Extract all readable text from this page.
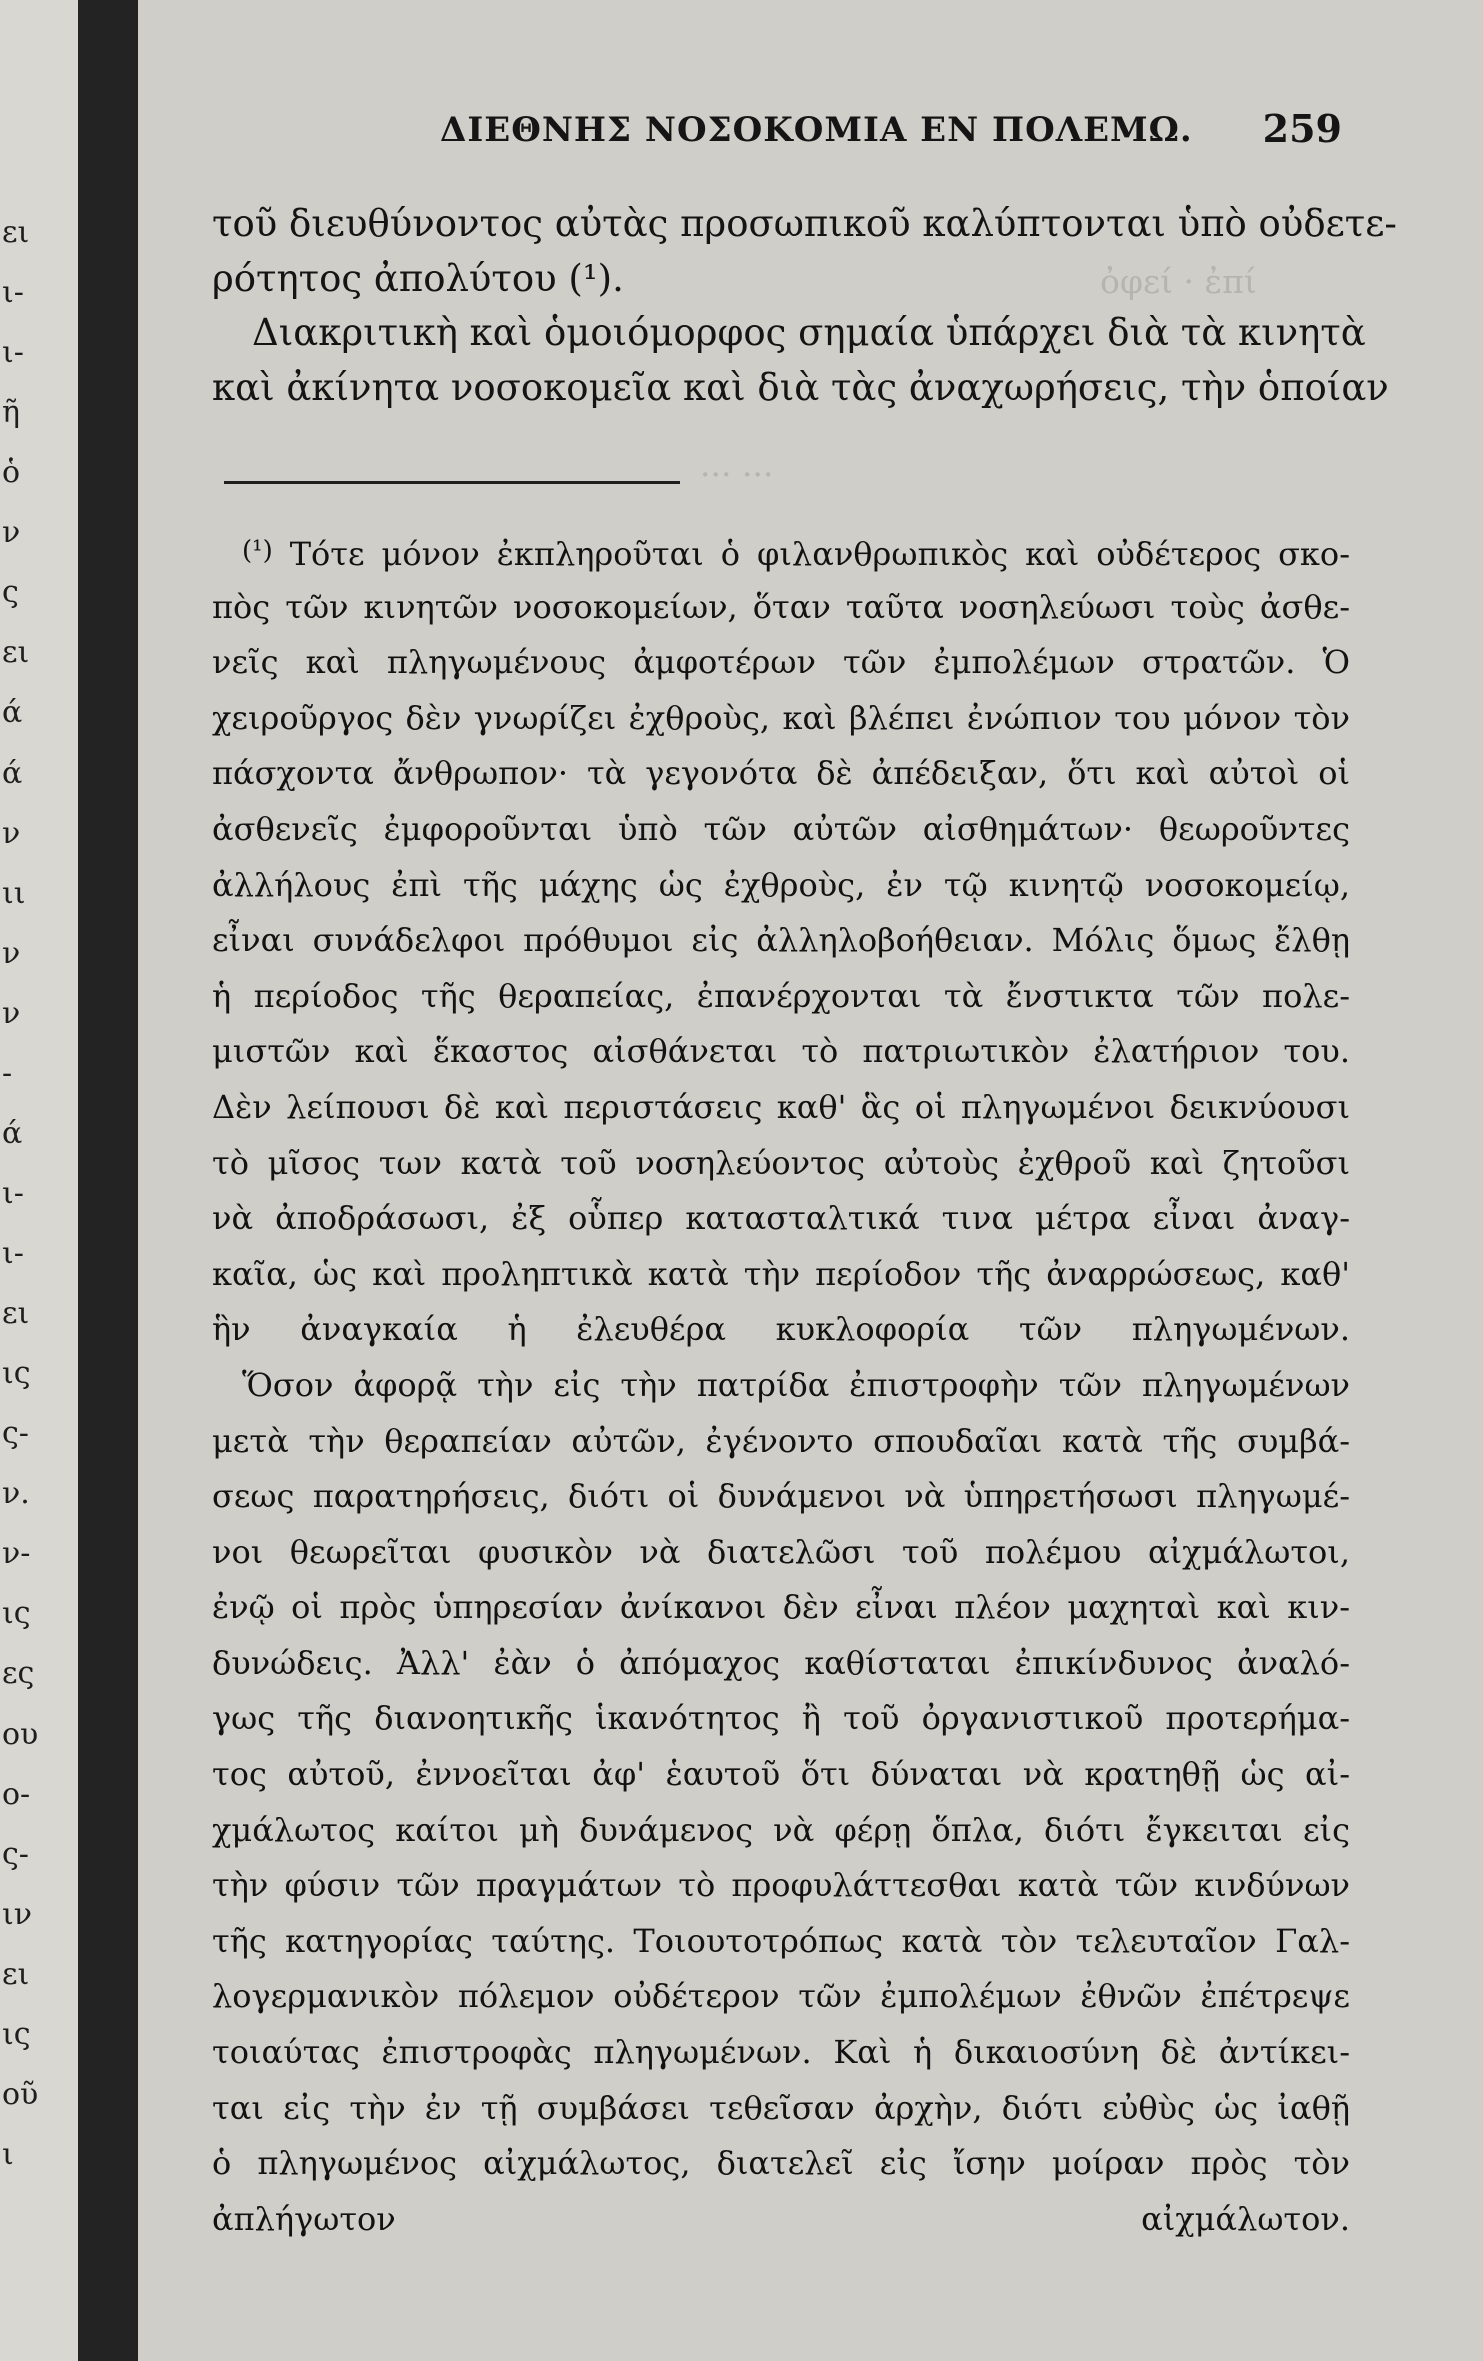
ει
ι-
ι-
ῆ
ὁ
ν
ς
ει
ά
ά
ν
ιι
ν
ν
-
ά
ι-
ι-
ει
ις
ς-
ν.
ν-
ις
ες
ου
ο-
ς-
ιν
ει
ις
οῦ
ι
ὀφεί · ἐπί
··· ···
ΔΙΕΘΝΗΣ ΝΟΣΟΚΟΜΙΑ ΕΝ ΠΟΛΕΜΩ. 259
τοῦ διευθύνοντος αὐτὰς προσωπικοῦ καλύπτονται ὑπὸ οὐδετε-
ρότητος ἀπολύτου (¹).
Διακριτικὴ καὶ ὁμοιόμορφος σημαία ὑπάρχει διὰ τὰ κινητὰ
καὶ ἀκίνητα νοσοκομεῖα καὶ διὰ τὰς ἀναχωρήσεις, τὴν ὁποίαν
(¹) Τότε μόνον ἐκπληροῦται ὁ φιλανθρωπικὸς καὶ οὐδέτερος σκο-
πὸς τῶν κινητῶν νοσοκομείων, ὅταν ταῦτα νοσηλεύωσι τοὺς ἀσθε-
νεῖς καὶ πληγωμένους ἀμφοτέρων τῶν ἐμπολέμων στρατῶν. Ὁ
χειροῦργος δὲν γνωρίζει ἐχθροὺς, καὶ βλέπει ἐνώπιον του μόνον τὸν
πάσχοντα ἄνθρωπον· τὰ γεγονότα δὲ ἀπέδειξαν, ὅτι καὶ αὐτοὶ οἱ
ἀσθενεῖς ἐμφοροῦνται ὑπὸ τῶν αὐτῶν αἰσθημάτων· θεωροῦντες
ἀλλήλους ἐπὶ τῆς μάχης ὡς ἐχθροὺς, ἐν τῷ κινητῷ νοσοκομείῳ,
εἶναι συνάδελφοι πρόθυμοι εἰς ἀλληλοβοήθειαν. Μόλις ὅμως ἔλθῃ
ἡ περίοδος τῆς θεραπείας, ἐπανέρχονται τὰ ἔνστικτα τῶν πολε-
μιστῶν καὶ ἕκαστος αἰσθάνεται τὸ πατριωτικὸν ἐλατήριον του.
Δὲν λείπουσι δὲ καὶ περιστάσεις καθ' ἃς οἱ πληγωμένοι δεικνύουσι
τὸ μῖσος των κατὰ τοῦ νοσηλεύοντος αὐτοὺς ἐχθροῦ καὶ ζητοῦσι
νὰ ἀποδράσωσι, ἐξ οὗπερ κατασταλτικά τινα μέτρα εἶναι ἀναγ-
καῖα, ὡς καὶ προληπτικὰ κατὰ τὴν περίοδον τῆς ἀναρρώσεως, καθ'
ἣν ἀναγκαία ἡ ἐλευθέρα κυκλοφορία τῶν πληγωμένων.
Ὅσον ἀφορᾷ τὴν εἰς τὴν πατρίδα ἐπιστροφὴν τῶν πληγωμένων
μετὰ τὴν θεραπείαν αὐτῶν, ἐγένοντο σπουδαῖαι κατὰ τῆς συμβά-
σεως παρατηρήσεις, διότι οἱ δυνάμενοι νὰ ὑπηρετήσωσι πληγωμέ-
νοι θεωρεῖται φυσικὸν νὰ διατελῶσι τοῦ πολέμου αἰχμάλωτοι,
ἐνῷ οἱ πρὸς ὑπηρεσίαν ἀνίκανοι δὲν εἶναι πλέον μαχηταὶ καὶ κιν-
δυνώδεις. Ἀλλ' ἐὰν ὁ ἀπόμαχος καθίσταται ἐπικίνδυνος ἀναλό-
γως τῆς διανοητικῆς ἱκανότητος ἢ τοῦ ὀργανιστικοῦ προτερήμα-
τος αὐτοῦ, ἐννοεῖται ἀφ' ἑαυτοῦ ὅτι δύναται νὰ κρατηθῇ ὡς αἰ-
χμάλωτος καίτοι μὴ δυνάμενος νὰ φέρῃ ὅπλα, διότι ἔγκειται εἰς
τὴν φύσιν τῶν πραγμάτων τὸ προφυλάττεσθαι κατὰ τῶν κινδύνων
τῆς κατηγορίας ταύτης. Τοιουτοτρόπως κατὰ τὸν τελευταῖον Γαλ-
λογερμανικὸν πόλεμον οὐδέτερον τῶν ἐμπολέμων ἐθνῶν ἐπέτρεψε
τοιαύτας ἐπιστροφὰς πληγωμένων. Καὶ ἡ δικαιοσύνη δὲ ἀντίκει-
ται εἰς τὴν ἐν τῇ συμβάσει τεθεῖσαν ἀρχὴν, διότι εὐθὺς ὡς ἰαθῇ
ὁ πληγωμένος αἰχμάλωτος, διατελεῖ εἰς ἴσην μοίραν πρὸς τὸν
ἀπλήγωτον αἰχμάλωτον.
